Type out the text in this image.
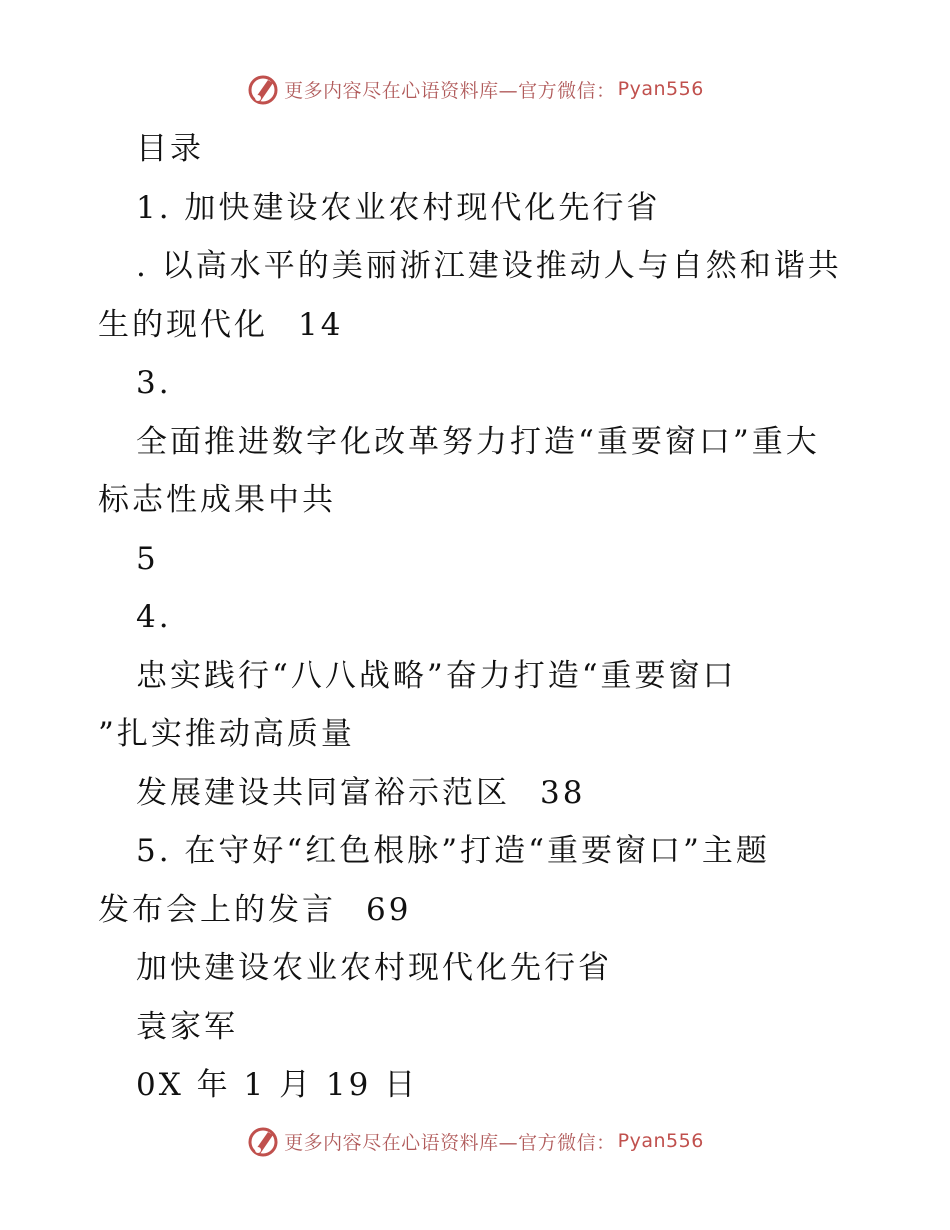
更多内容尽在心语资料库—官方微信： Pyan556
目录
1. 加快建设农业农村现代化先行省
. 以高水平的美丽浙江建设推动人与自然和谐共
生的现代化 14
3.
全面推进数字化改革努力打造“重要窗口”重大
标志性成果中共
5
4.
忠实践行“八八战略”奋力打造“重要窗口
”扎实推动高质量
发展建设共同富裕示范区 38
5. 在守好“红色根脉”打造“重要窗口”主题
发布会上的发言 69
加快建设农业农村现代化先行省
袁家军
0X 年 1 月 19 日
更多内容尽在心语资料库—官方微信： Pyan556
